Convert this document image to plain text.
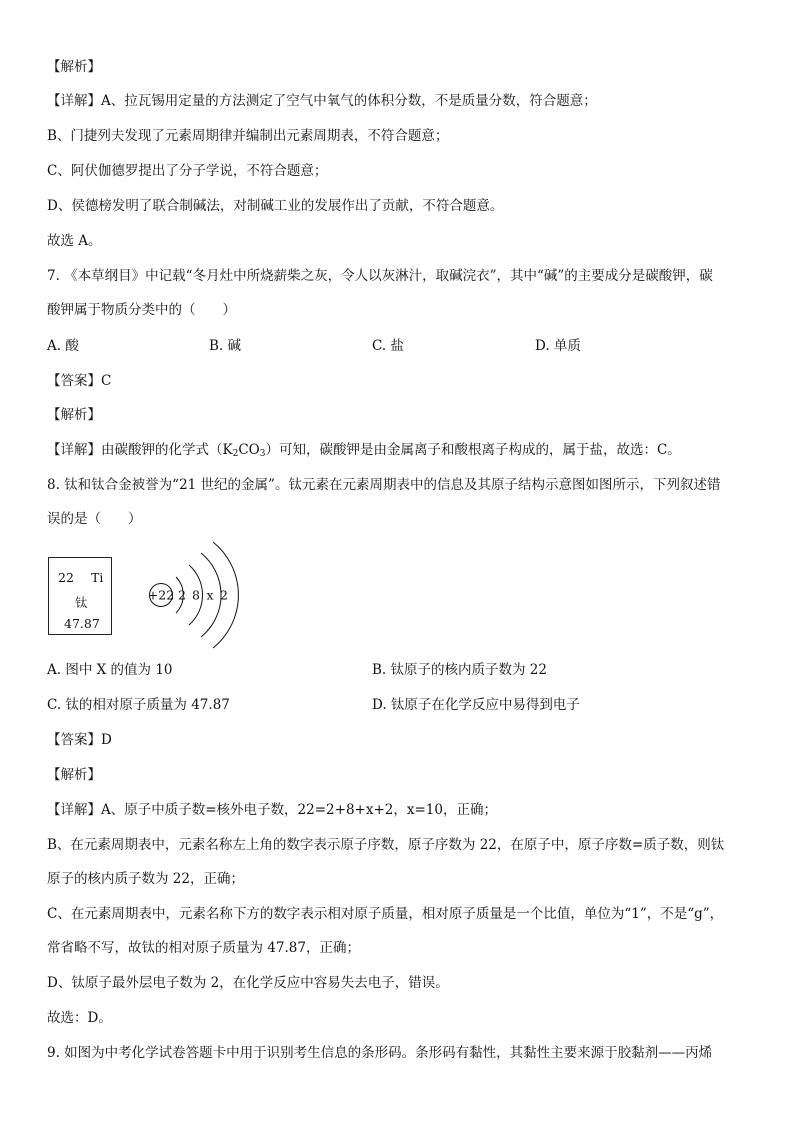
【解析】
【详解】A、拉瓦锡用定量的方法测定了空气中氧气的体积分数，不是质量分数，符合题意；
B、门捷列夫发现了元素周期律并编制出元素周期表，不符合题意；
C、阿伏伽德罗提出了分子学说，不符合题意；
D、侯德榜发明了联合制碱法，对制碱工业的发展作出了贡献，不符合题意。
故选 A。
7. 《本草纲目》中记载“冬月灶中所烧薪柴之灰，令人以灰淋汁，取碱浣衣”，其中“碱”的主要成分是碳酸钾，碳
酸钾属于物质分类中的（　　）
A. 酸	B. 碱	C. 盐	D. 单质
【答案】C
【解析】
【详解】由碳酸钾的化学式$(K_2CO_3)$可知，碳酸钾是由金属离子和酸根离子构成的，属于盐，故选：C。
8. 钛和钛合金被誉为“21 世纪的金属”。钛元素在元素周期表中的信息及其原子结构示意图如图所示，下列叙述错
误的是（　　）
22 Ti
钛
47.87
+22 2 8 x 2
A. 图中 X 的值为 10	B. 钛原子的核内质子数为 22
C. 钛的相对原子质量为 47.87	D. 钛原子在化学反应中易得到电子
【答案】D
【解析】
【详解】A、原子中质子数=核外电子数，22=2+8+x+2，x=10，正确；
B、在元素周期表中，元素名称左上角的数字表示原子序数，原子序数为 22，在原子中，原子序数=质子数，则钛
原子的核内质子数为 22，正确；
C、在元素周期表中，元素名称下方的数字表示相对原子质量，相对原子质量是一个比值，单位为“1”，不是“g”，
常省略不写，故钛的相对原子质量为 47.87，正确；
D、钛原子最外层电子数为 2，在化学反应中容易失去电子，错误。
故选：D。
9. 如图为中考化学试卷答题卡中用于识别考生信息的条形码。条形码有黏性，其黏性主要来源于胶黏剂——丙烯
